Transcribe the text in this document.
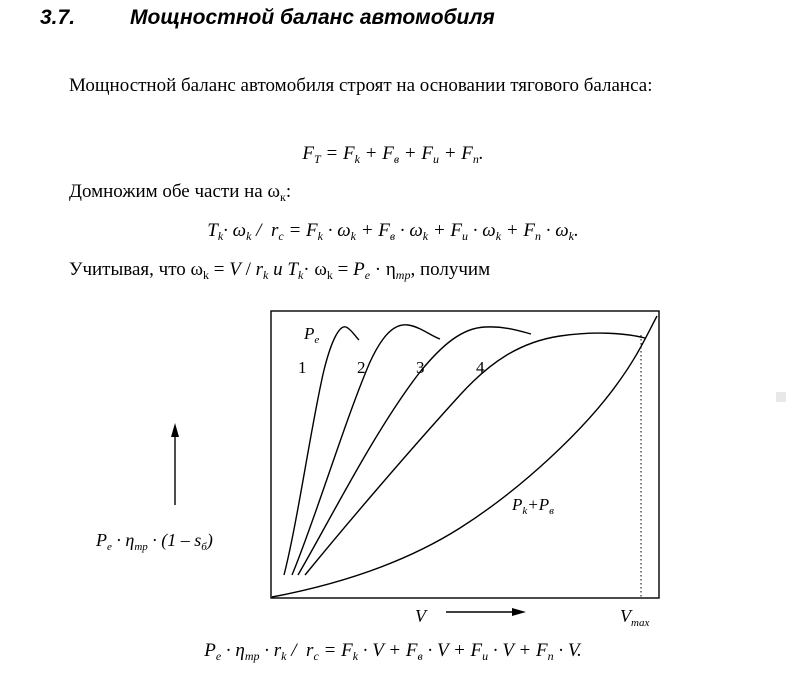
3.7.	Мощностной баланс автомобиля
Мощностной баланс автомобиля строят на основании тягового баланса:
$F_T = F_k + F_в + F_и + F_п$.
Домножим обе части на $\omega_к$:
$T_k\cdot \omega_k / r_c = F_k \cdot \omega_k + F_в \cdot \omega_k + F_и \cdot \omega_k + F_п \cdot \omega_k$.
Учитывая, что $\omega_k = V / r_k$ и $T_k\cdot \omega_k = P_e \cdot \eta_{тр}$, получим
$P_e$
1	2	3	4
$P_k+P_в$
$P_e \cdot \eta_{тр} \cdot (1 - s_б)$
V	$V_{max}$
$P_e \cdot \eta_{тр} \cdot r_k / r_c = F_k \cdot V + F_в \cdot V + F_и \cdot V + F_п \cdot V$.
